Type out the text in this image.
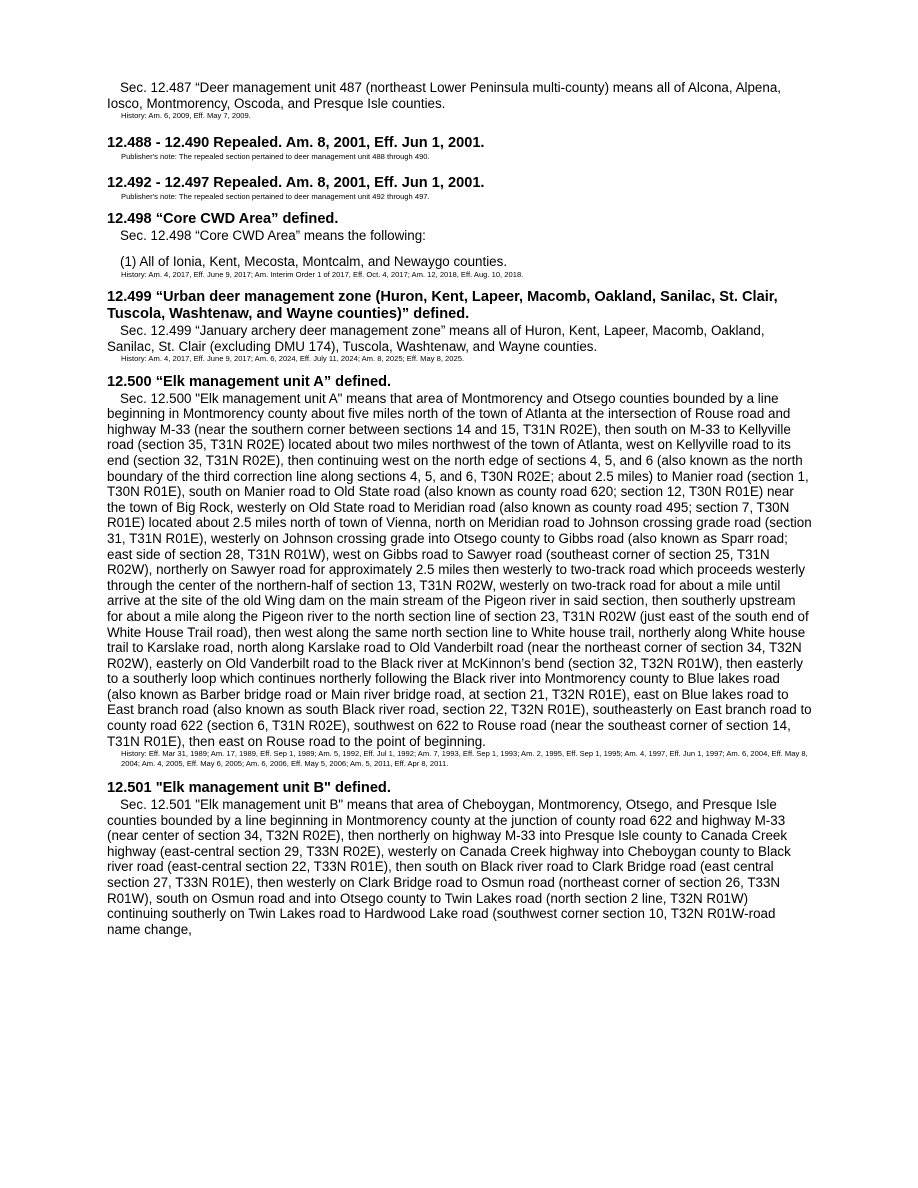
Sec. 12.487 “Deer management unit 487 (northeast Lower Peninsula multi-county) means all of Alcona, Alpena, Iosco, Montmorency, Oscoda, and Presque Isle counties.

History: Am. 6, 2009, Eff. May 7, 2009.

12.488 - 12.490 Repealed. Am. 8, 2001, Eff. Jun 1, 2001.

Publisher's note: The repealed section pertained to deer management unit 488 through 490.

12.492 - 12.497 Repealed. Am. 8, 2001, Eff. Jun 1, 2001.

Publisher's note: The repealed section pertained to deer management unit 492 through 497.

12.498 “Core CWD Area” defined.

Sec. 12.498 “Core CWD Area” means the following:

(1) All of Ionia, Kent, Mecosta, Montcalm, and Newaygo counties.

History: Am. 4, 2017, Eff. June 9, 2017; Am. Interim Order 1 of 2017, Eff. Oct. 4, 2017; Am. 12, 2018, Eff. Aug. 10, 2018.

12.499 “Urban deer management zone (Huron, Kent, Lapeer, Macomb, Oakland, Sanilac, St. Clair, Tuscola, Washtenaw, and Wayne counties)” defined.

Sec. 12.499 “January archery deer management zone” means all of Huron, Kent, Lapeer, Macomb, Oakland, Sanilac, St. Clair (excluding DMU 174), Tuscola, Washtenaw, and Wayne counties.

History: Am. 4, 2017, Eff. June 9, 2017; Am. 6, 2024, Eff. July 11, 2024; Am. 8, 2025; Eff. May 8, 2025.

12.500 “Elk management unit A” defined.

Sec. 12.500 "Elk management unit A" means that area of Montmorency and Otsego counties bounded by a line beginning in Montmorency county about five miles north of the town of Atlanta at the intersection of Rouse road and highway M-33 (near the southern corner between sections 14 and 15, T31N R02E), then south on M-33 to Kellyville road (section 35, T31N R02E) located about two miles northwest of the town of Atlanta, west on Kellyville road to its end (section 32, T31N R02E), then continuing west on the north edge of sections 4, 5, and 6 (also known as the north boundary of the third correction line along sections 4, 5, and 6, T30N R02E; about 2.5 miles) to Manier road (section 1, T30N R01E), south on Manier road to Old State road (also known as county road 620; section 12, T30N R01E) near the town of Big Rock, westerly on Old State road to Meridian road (also known as county road 495; section 7, T30N R01E) located about 2.5 miles north of town of Vienna, north on Meridian road to Johnson crossing grade road (section 31, T31N R01E), westerly on Johnson crossing grade into Otsego county to Gibbs road (also known as Sparr road; east side of section 28, T31N R01W), west on Gibbs road to Sawyer road (southeast corner of section 25, T31N R02W), northerly on Sawyer road for approximately 2.5 miles then westerly to two-track road which proceeds westerly through the center of the northern-half of section 13, T31N R02W, westerly on two-track road for about a mile until arrive at the site of the old Wing dam on the main stream of the Pigeon river in said section, then southerly upstream for about a mile along the Pigeon river to the north section line of section 23, T31N R02W (just east of the south end of White House Trail road), then west along the same north section line to White house trail, northerly along White house trail to Karslake road, north along Karslake road to Old Vanderbilt road (near the northeast corner of section 34, T32N R02W), easterly on Old Vanderbilt road to the Black river at McKinnon’s bend (section 32, T32N R01W), then easterly to a southerly loop which continues northerly following the Black river into Montmorency county to Blue lakes road (also known as Barber bridge road or Main river bridge road, at section 21, T32N R01E), east on Blue lakes road to East branch road (also known as south Black river road, section 22, T32N R01E), southeasterly on East branch road to county road 622 (section 6, T31N R02E), southwest on 622 to Rouse road (near the southeast corner of section 14, T31N R01E), then east on Rouse road to the point of beginning.

History: Eff. Mar 31, 1989; Am. 17, 1989, Eff. Sep 1, 1989; Am. 5, 1992, Eff. Jul 1, 1992; Am. 7, 1993, Eff. Sep 1, 1993; Am. 2, 1995, Eff. Sep 1, 1995; Am. 4, 1997, Eff. Jun 1, 1997; Am. 6, 2004, Eff. May 8, 2004; Am. 4, 2005, Eff. May 6, 2005; Am. 6, 2006, Eff. May 5, 2006; Am. 5, 2011, Eff. Apr 8, 2011.

12.501 "Elk management unit B" defined.

Sec. 12.501 "Elk management unit B" means that area of Cheboygan, Montmorency, Otsego, and Presque Isle counties bounded by a line beginning in Montmorency county at the junction of county road 622 and highway M-33 (near center of section 34, T32N R02E), then northerly on highway M-33 into Presque Isle county to Canada Creek highway (east-central section 29, T33N R02E), westerly on Canada Creek highway into Cheboygan county to Black river road (east-central section 22, T33N R01E), then south on Black river road to Clark Bridge road (east central section 27, T33N R01E), then westerly on Clark Bridge road to Osmun road (northeast corner of section 26, T33N R01W), south on Osmun road and into Otsego county to Twin Lakes road (north section 2 line, T32N R01W) continuing southerly on Twin Lakes road to Hardwood Lake road (southwest corner section 10, T32N R01W-road name change,
